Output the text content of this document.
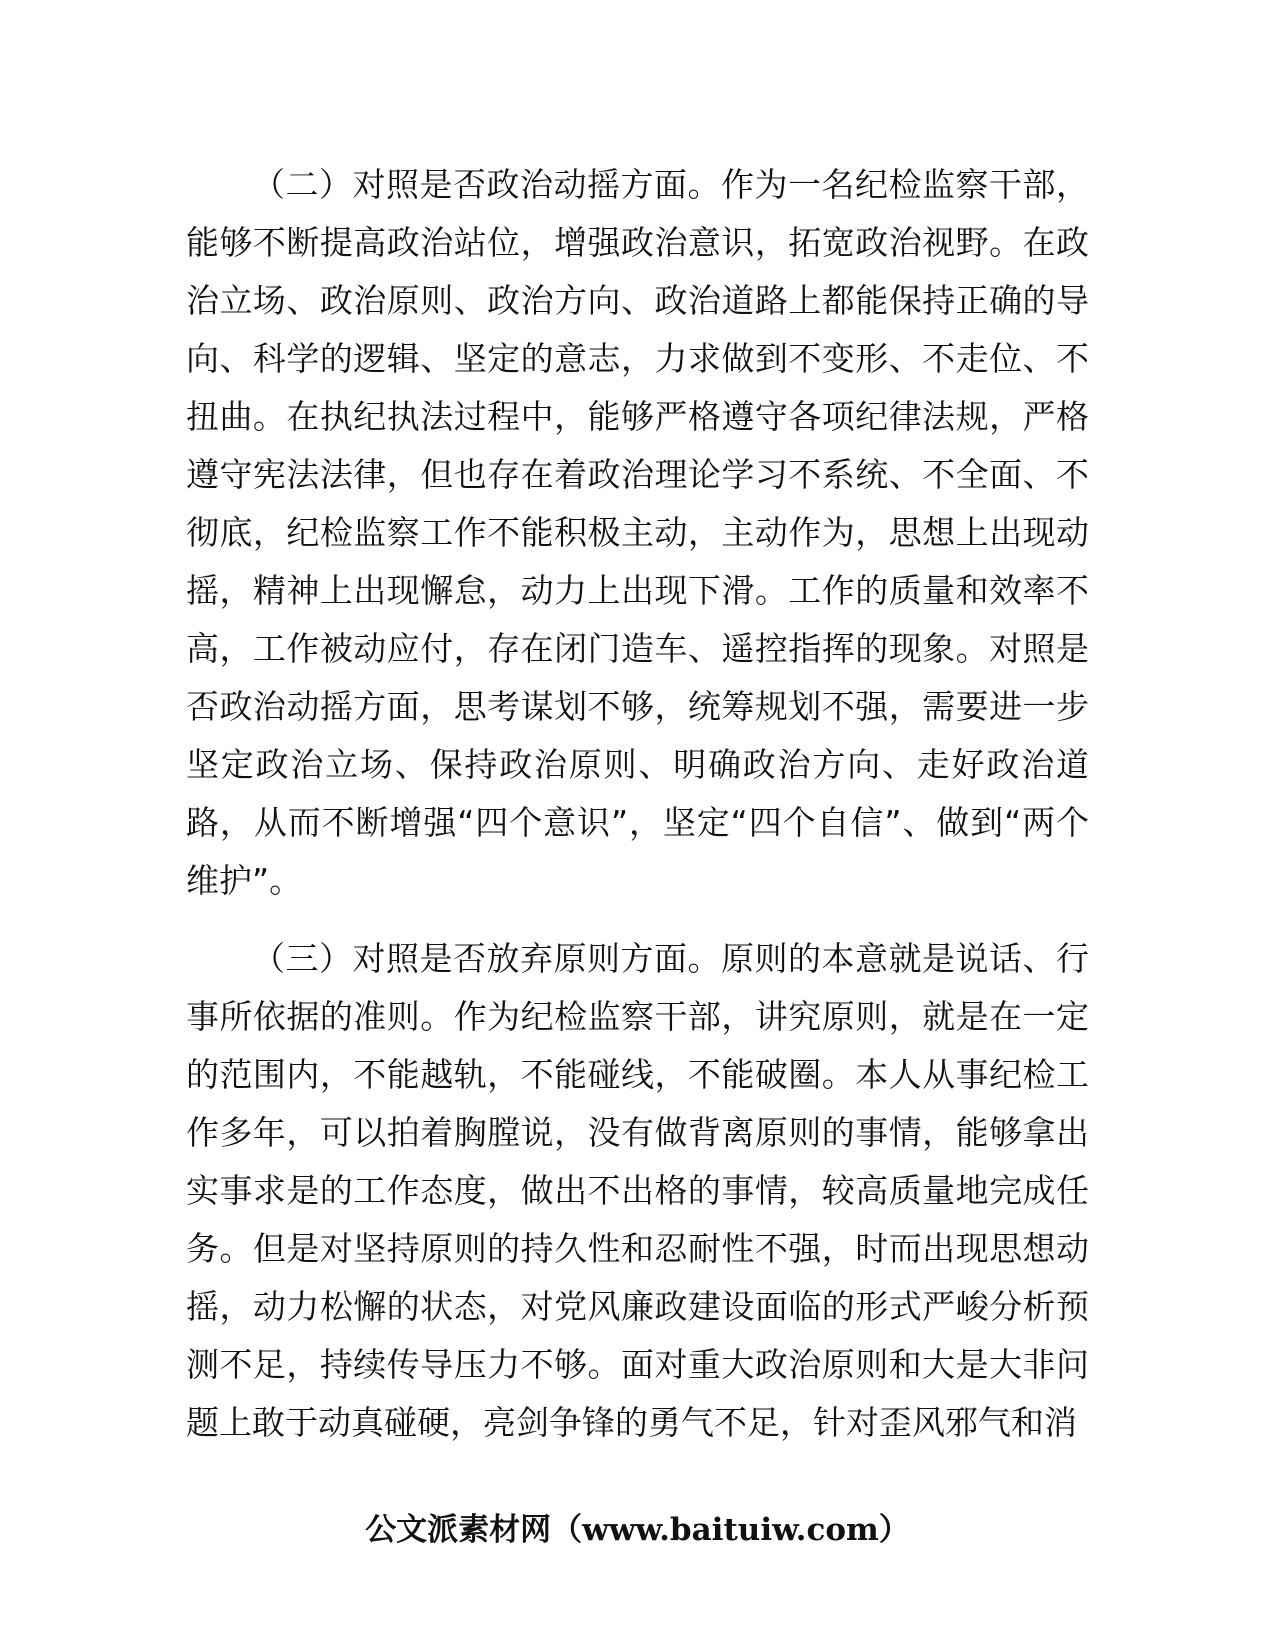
（二）对照是否政治动摇方面。作为一名纪检监察干部，能够不断提高政治站位，增强政治意识，拓宽政治视野。在政治立场、政治原则、政治方向、政治道路上都能保持正确的导向、科学的逻辑、坚定的意志，力求做到不变形、不走位、不扭曲。在执纪执法过程中，能够严格遵守各项纪律法规，严格遵守宪法法律，但也存在着政治理论学习不系统、不全面、不彻底，纪检监察工作不能积极主动，主动作为，思想上出现动摇，精神上出现懈怠，动力上出现下滑。工作的质量和效率不高，工作被动应付，存在闭门造车、遥控指挥的现象。对照是否政治动摇方面，思考谋划不够，统筹规划不强，需要进一步坚定政治立场、保持政治原则、明确政治方向、走好政治道路，从而不断增强“四个意识”，坚定“四个自信”、做到“两个维护”。

（三）对照是否放弃原则方面。原则的本意就是说话、行事所依据的准则。作为纪检监察干部，讲究原则，就是在一定的范围内，不能越轨，不能碰线，不能破圈。本人从事纪检工作多年，可以拍着胸膛说，没有做背离原则的事情，能够拿出实事求是的工作态度，做出不出格的事情，较高质量地完成任务。但是对坚持原则的持久性和忍耐性不强，时而出现思想动摇，动力松懈的状态，对党风廉政建设面临的形式严峻分析预测不足，持续传导压力不够。面对重大政治原则和大是大非问题上敢于动真碰硬，亮剑争锋的勇气不足，针对歪风邪气和消

公文派素材网（www.baituiw.com）
